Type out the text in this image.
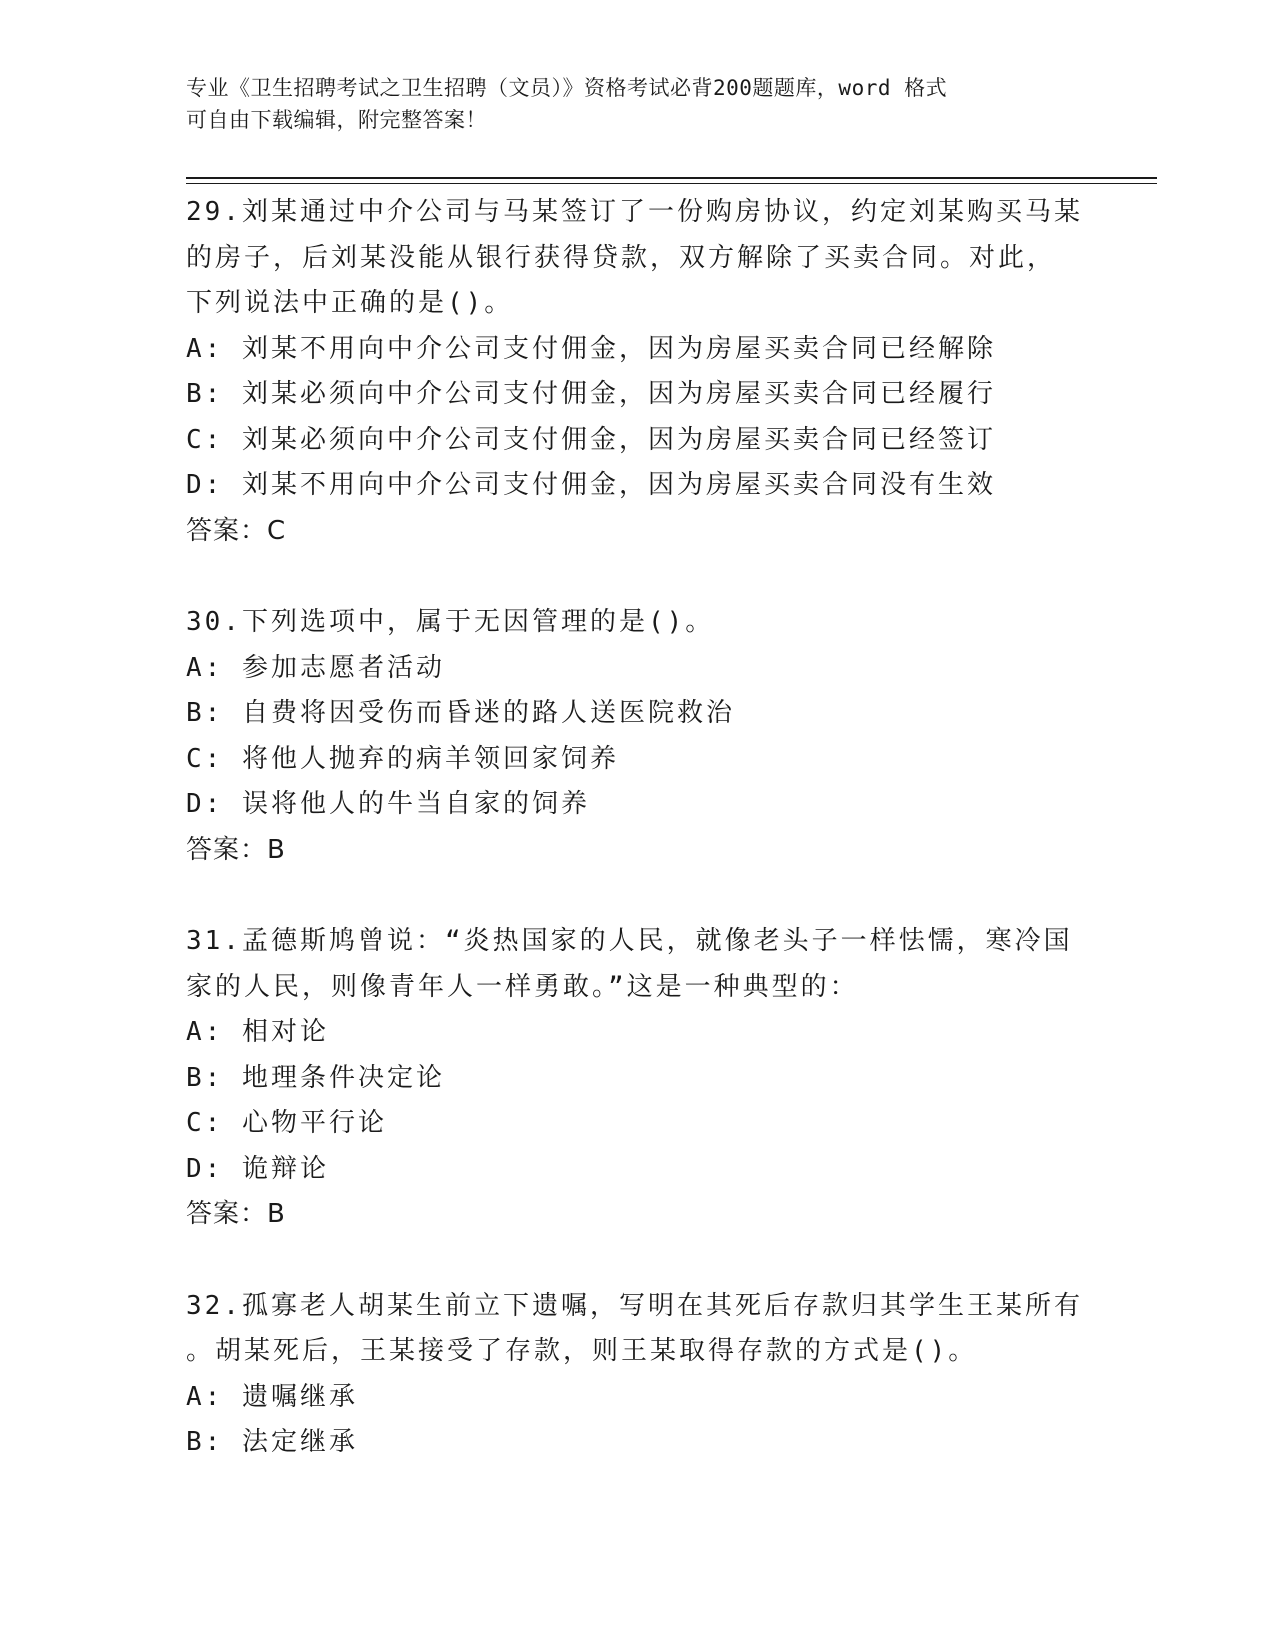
专业《卫生招聘考试之卫生招聘（文员）》资格考试必背200题题库，word 格式
可自由下载编辑，附完整答案！

29.刘某通过中介公司与马某签订了一份购房协议，约定刘某购买马某

的房子，后刘某没能从银行获得贷款，双方解除了买卖合同。对此，

下列说法中正确的是()。

A: 刘某不用向中介公司支付佣金，因为房屋买卖合同已经解除

B: 刘某必须向中介公司支付佣金，因为房屋买卖合同已经履行

C: 刘某必须向中介公司支付佣金，因为房屋买卖合同已经签订

D: 刘某不用向中介公司支付佣金，因为房屋买卖合同没有生效

答案：C

30.下列选项中，属于无因管理的是()。

A: 参加志愿者活动

B: 自费将因受伤而昏迷的路人送医院救治

C: 将他人抛弃的病羊领回家饲养

D: 误将他人的牛当自家的饲养

答案：B

31.孟德斯鸠曾说：“炎热国家的人民，就像老头子一样怯懦，寒冷国

家的人民，则像青年人一样勇敢。”这是一种典型的：

A: 相对论

B: 地理条件决定论

C: 心物平行论

D: 诡辩论

答案：B

32.孤寡老人胡某生前立下遗嘱，写明在其死后存款归其学生王某所有

。胡某死后，王某接受了存款，则王某取得存款的方式是()。

A: 遗嘱继承

B: 法定继承
